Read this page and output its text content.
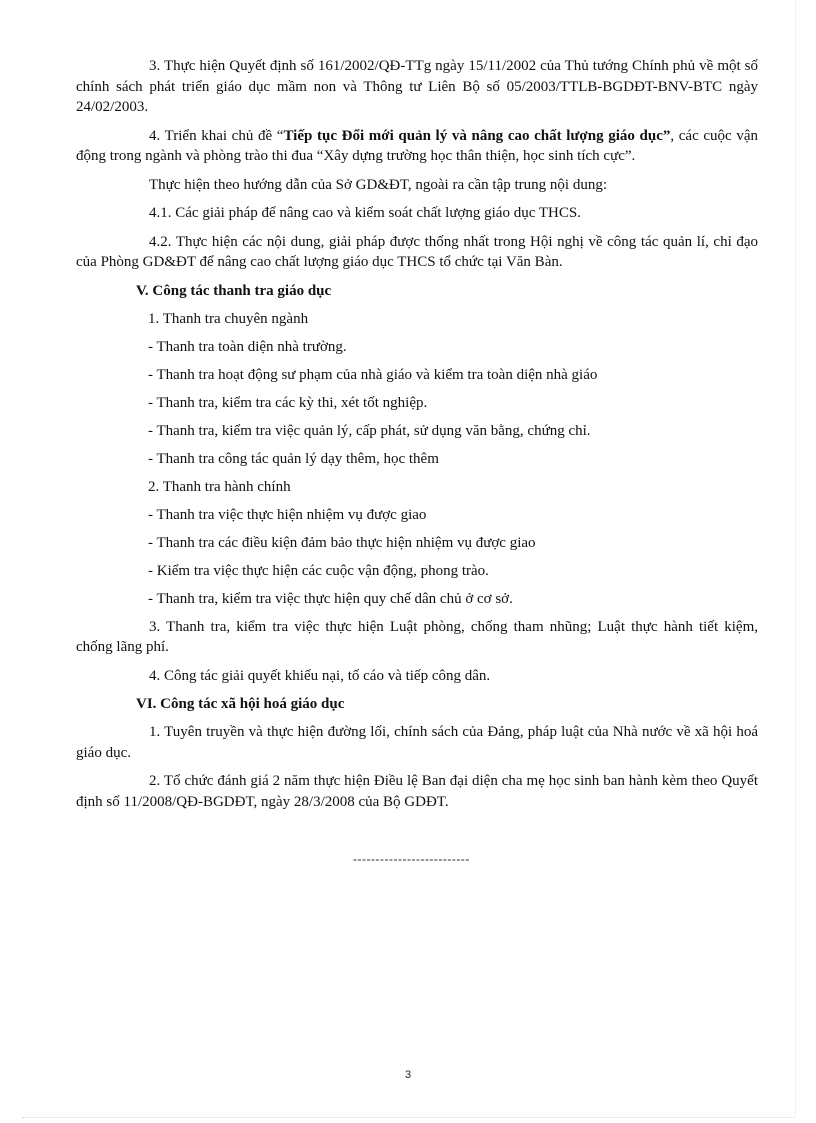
3. Thực hiện Quyết định số 161/2002/QĐ-TTg ngày 15/11/2002 của Thủ tướng Chính phủ về một số chính sách phát triển giáo dục mầm non và Thông tư Liên Bộ số 05/2003/TTLB-BGDĐT-BNV-BTC ngày 24/02/2003.

4. Triển khai chủ đề “Tiếp tục Đổi mới quản lý và nâng cao chất lượng giáo dục”, các cuộc vận động trong ngành và phòng trào thi đua “Xây dựng trường học thân thiện, học sinh tích cực”.

Thực hiện theo hướng dẫn của Sở GD&ĐT, ngoài ra cần tập trung nội dung:

4.1. Các giải pháp để nâng cao và kiểm soát chất lượng giáo dục THCS.

4.2. Thực hiện các nội dung, giải pháp được thống nhất trong Hội nghị về công tác quản lí, chỉ đạo của Phòng GD&ĐT để nâng cao chất lượng giáo dục THCS tổ chức tại Văn Bàn.

V. Công tác thanh tra giáo dục
1. Thanh tra chuyên ngành
- Thanh tra toàn diện nhà trường.
- Thanh tra hoạt động sư phạm của nhà giáo và kiểm tra toàn diện nhà giáo
- Thanh tra, kiểm tra các kỳ thi, xét tốt nghiệp.
- Thanh tra, kiểm tra việc quản lý, cấp phát, sử dụng văn bằng, chứng chỉ.
- Thanh tra công tác quản lý dạy thêm, học thêm
2. Thanh tra hành chính
- Thanh tra việc thực hiện nhiệm vụ được giao
- Thanh tra các điều kiện đảm bảo thực hiện nhiệm vụ được giao
- Kiểm tra việc thực hiện các cuộc vận động, phong trào.
- Thanh tra, kiểm tra việc thực hiện quy chế dân chủ ở cơ sở.

3. Thanh tra, kiểm tra việc thực hiện Luật phòng, chống tham nhũng; Luật thực hành tiết kiệm, chống lãng phí.

4. Công tác giải quyết khiếu nại, tố cáo và tiếp công dân.

VI. Công tác xã hội hoá giáo dục

1. Tuyên truyền và thực hiện đường lối, chính sách của Đảng, pháp luật của Nhà nước về xã hội hoá giáo dục.

2. Tổ chức đánh giá 2 năm thực hiện Điều lệ Ban đại diện cha mẹ học sinh ban hành kèm theo Quyết định số 11/2008/QĐ-BGDĐT, ngày 28/3/2008 của Bộ GDĐT.

--------------------------
3
